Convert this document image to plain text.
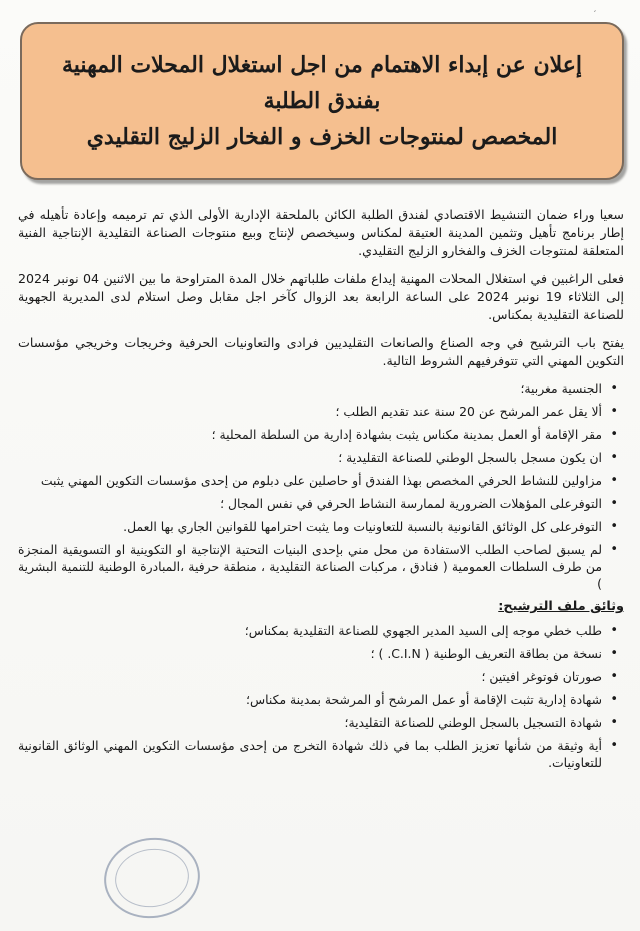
′
إعلان عن إبداء الاهتمام من اجل استغلال المحلات المهنية
بفندق الطلبة
المخصص لمنتوجات الخزف و الفخار الزليج التقليدي

سعيا وراء ضمان التنشيط الاقتصادي لفندق الطلبة الكائن بالملحقة الإدارية الأولى الذي تم ترميمه وإعادة تأهيله في إطار برنامج تأهيل وتثمين المدينة العتيقة لمكناس وسيخصص لإنتاج وبيع منتوجات الصناعة التقليدية الإنتاجية الفنية المتعلقة لمنتوجات الخزف والفخارو الزليج التقليدي.

فعلى الراغبين في استغلال المحلات المهنية إيداع ملفات طلباتهم خلال المدة المتراوحة ما بين الاثنين 04 نونبر 2024 إلى الثلاثاء 19 نونبر 2024 على الساعة الرابعة بعد الزوال كآخر اجل مقابل وصل استلام لدى المديرية الجهوية للصناعة التقليدية بمكناس.

يفتح باب الترشيح في وجه الصناع والصانعات التقليديين فرادى والتعاونيات الحرفية وخريجات وخريجي مؤسسات التكوين المهني التي تتوفرفيهم الشروط التالية.

• الجنسية مغربية؛
• ألا يقل عمر المرشح عن 20 سنة عند تقديم الطلب ؛
• مقر الإقامة أو العمل بمدينة مكناس يثبت بشهادة إدارية من السلطة المحلية ؛
• ان يكون مسجل بالسجل الوطني للصناعة التقليدية ؛
• مزاولين للنشاط الحرفي المخصص بهذا الفندق أو حاصلين على دبلوم من إحدى مؤسسات التكوين المهني يثبت
• التوفرعلى المؤهلات الضرورية لممارسة النشاط الحرفي في نفس المجال ؛
• التوفرعلى كل الوثائق القانونية بالنسبة للتعاونيات وما يثبت احترامها للقوانين الجاري بها العمل.
• لم يسبق لصاحب الطلب الاستفادة من محل مني بإحدى البنيات التحتية الإنتاجية او التكوينية او التسويقية المنجزة من طرف السلطات العمومية ( فنادق ، مركبات الصناعة التقليدية ، منطقة حرفية ،المبادرة الوطنية للتنمية البشرية )
وثائق ملف الترشيح:
• طلب خطي موجه إلى السيد المدير الجهوي للصناعة التقليدية بمكناس؛
• نسخة من بطاقة التعريف الوطنية ( C.I.N. ) ؛
• صورتان فوتوغر افيتين ؛
• شهادة إدارية تثبت الإقامة أو عمل المرشح أو المرشحة بمدينة مكناس؛
• شهادة التسجيل بالسجل الوطني للصناعة التقليدية؛
• أية وثيقة من شأنها تعزيز الطلب بما في ذلك شهادة التخرج من إحدى مؤسسات التكوين المهني الوثائق القانونية للتعاونيات.
